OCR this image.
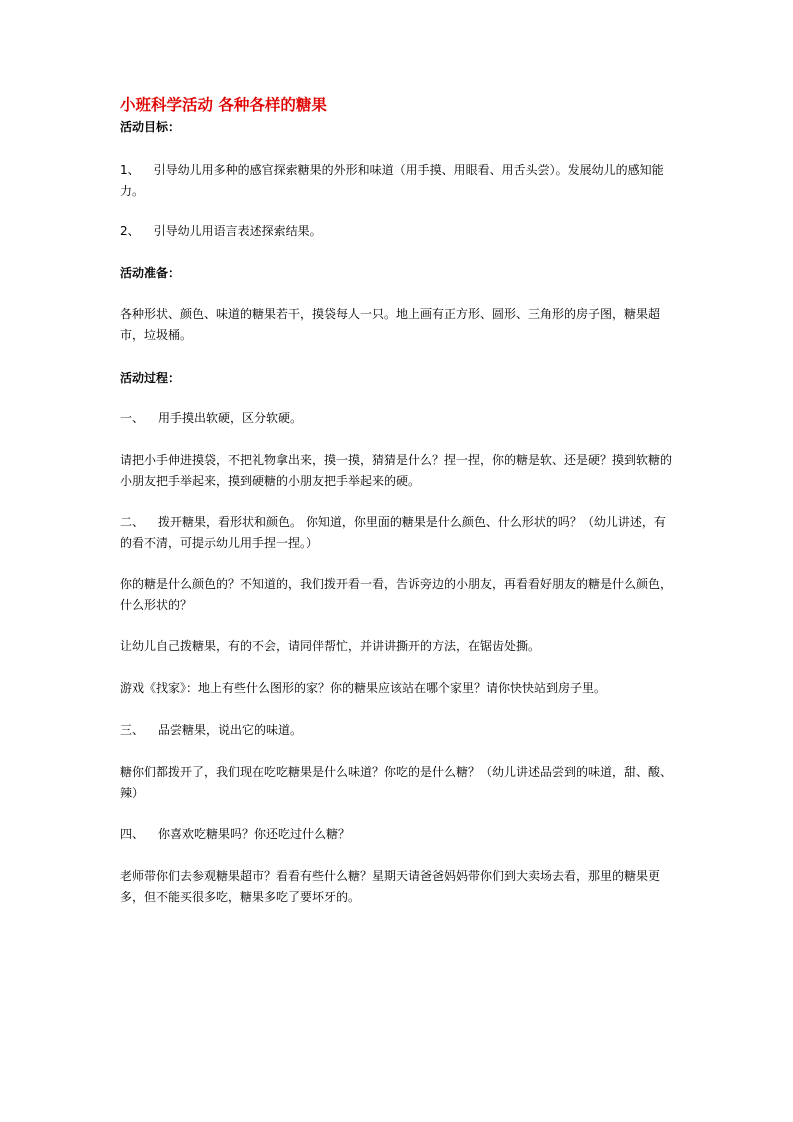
小班科学活动 各种各样的糖果

活动目标：

1、 引导幼儿用多种的感官探索糖果的外形和味道（用手摸、用眼看、用舌头尝）。发展幼儿的感知能力。

2、 引导幼儿用语言表述探索结果。

活动准备：

各种形状、颜色、味道的糖果若干，摸袋每人一只。地上画有正方形、圆形、三角形的房子图，糖果超市，垃圾桶。

活动过程：

一、 用手摸出软硬，区分软硬。

请把小手伸进摸袋，不把礼物拿出来，摸一摸，猜猜是什么？捏一捏，你的糖是软、还是硬？摸到软糖的小朋友把手举起来，摸到硬糖的小朋友把手举起来的硬。

二、 拨开糖果，看形状和颜色。 你知道，你里面的糖果是什么颜色、什么形状的吗？（幼儿讲述，有的看不清，可提示幼儿用手捏一捏。）

你的糖是什么颜色的？不知道的，我们拨开看一看，告诉旁边的小朋友，再看看好朋友的糖是什么颜色，什么形状的？

让幼儿自己拨糖果，有的不会，请同伴帮忙，并讲讲撕开的方法，在锯齿处撕。

游戏《找家》：地上有些什么图形的家？你的糖果应该站在哪个家里？请你快快站到房子里。

三、 品尝糖果，说出它的味道。

糖你们都拨开了，我们现在吃吃糖果是什么味道？你吃的是什么糖？（幼儿讲述品尝到的味道，甜、酸、辣）

四、 你喜欢吃糖果吗？你还吃过什么糖？

老师带你们去参观糖果超市？看看有些什么糖？星期天请爸爸妈妈带你们到大卖场去看，那里的糖果更多，但不能买很多吃，糖果多吃了要坏牙的。
